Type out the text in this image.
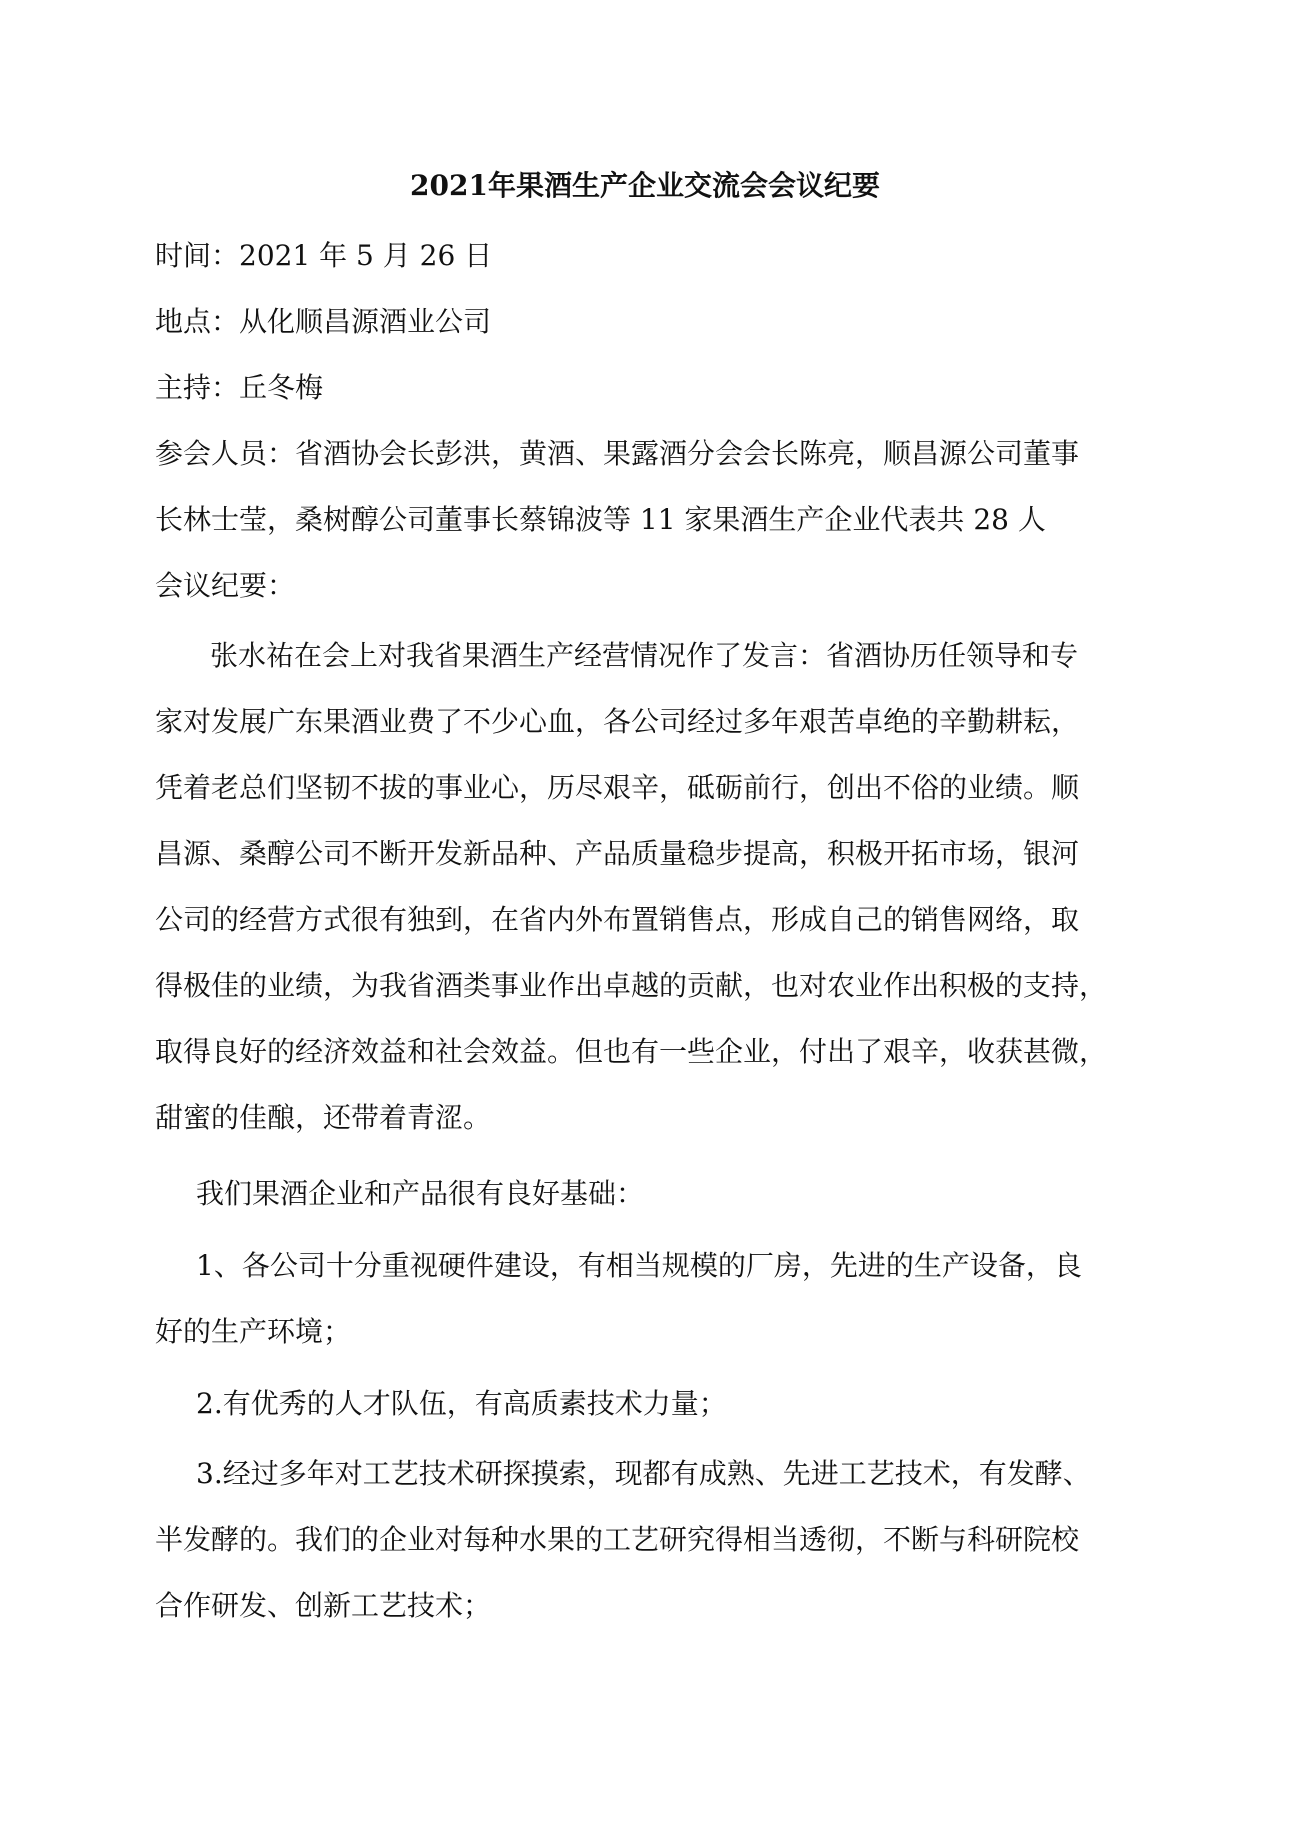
2021年果酒生产企业交流会会议纪要
时间：2021 年 5 月 26 日
地点：从化顺昌源酒业公司
主持：丘冬梅
参会人员：省酒协会长彭洪，黄酒、果露酒分会会长陈亮，顺昌源公司董事
长林士莹，桑树醇公司董事长蔡锦波等 11 家果酒生产企业代表共 28 人
会议纪要：
张水祐在会上对我省果酒生产经营情况作了发言：省酒协历任领导和专
家对发展广东果酒业费了不少心血，各公司经过多年艰苦卓绝的辛勤耕耘，
凭着老总们坚韧不拔的事业心，历尽艰辛，砥砺前行，创出不俗的业绩。顺
昌源、桑醇公司不断开发新品种、产品质量稳步提高，积极开拓市场，银河
公司的经营方式很有独到，在省内外布置销售点，形成自己的销售网络，取
得极佳的业绩，为我省酒类事业作出卓越的贡献，也对农业作出积极的支持，
取得良好的经济效益和社会效益。但也有一些企业，付出了艰辛，收获甚微，
甜蜜的佳酿，还带着青涩。
我们果酒企业和产品很有良好基础：
1、各公司十分重视硬件建设，有相当规模的厂房，先进的生产设备，良
好的生产环境；
2.有优秀的人才队伍，有高质素技术力量；
3.经过多年对工艺技术研探摸索，现都有成熟、先进工艺技术，有发酵、
半发酵的。我们的企业对每种水果的工艺研究得相当透彻，不断与科研院校
合作研发、创新工艺技术；
